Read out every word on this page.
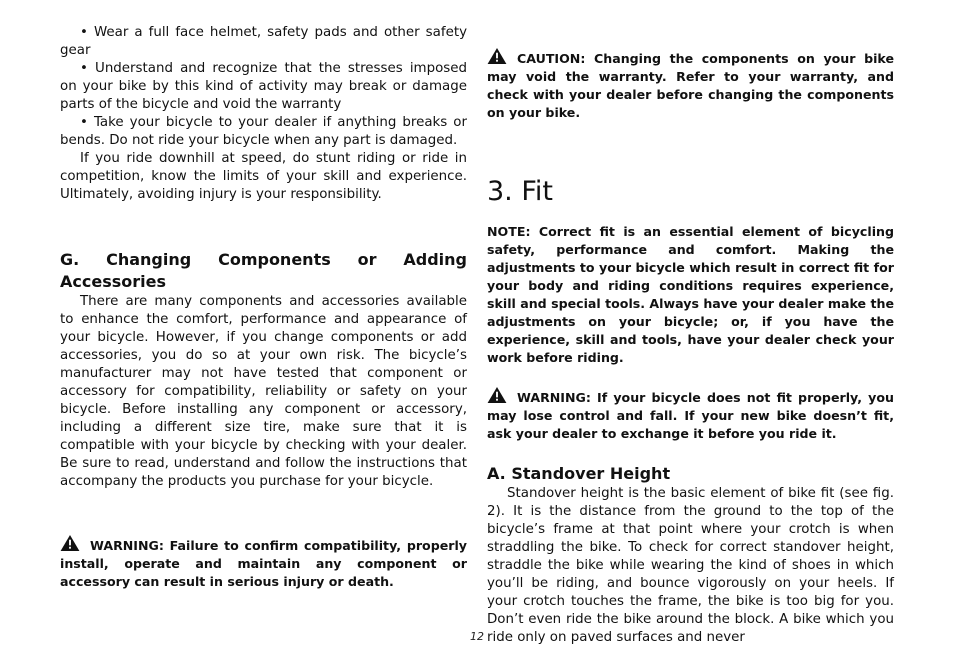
• Wear a full face helmet, safety pads and other safety gear

• Understand and recognize that the stresses imposed on your bike by this kind of activity may break or damage parts of the bicycle and void the warranty

• Take your bicycle to your dealer if anything breaks or bends. Do not ride your bicycle when any part is damaged.

If you ride downhill at speed, do stunt riding or ride in competition, know the limits of your skill and experience. Ultimately, avoiding injury is your responsibility.

G. Changing Components or Adding Accessories

There are many components and accessories available to enhance the comfort, performance and appearance of your bicycle. However, if you change components or add accessories, you do so at your own risk. The bicycle’s manufacturer may not have tested that component or accessory for compatibility, reliability or safety on your bicycle. Before installing any component or accessory, including a different size tire, make sure that it is compatible with your bicycle by checking with your dealer. Be sure to read, understand and follow the instructions that accompany the products you purchase for your bicycle.

WARNING: Failure to confirm compatibility, properly install, operate and maintain any component or accessory can result in serious injury or death.

CAUTION: Changing the components on your bike may void the warranty. Refer to your warranty, and check with your dealer before changing the components on your bike.

3. Fit

NOTE: Correct fit is an essential element of bicycling safety, performance and comfort. Making the adjustments to your bicycle which result in correct fit for your body and riding conditions requires experience, skill and special tools. Always have your dealer make the adjustments on your bicycle; or, if you have the experience, skill and tools, have your dealer check your work before riding.

WARNING: If your bicycle does not fit properly, you may lose control and fall. If your new bike doesn’t fit, ask your dealer to exchange it before you ride it.

A. Standover Height

Standover height is the basic element of bike fit (see fig. 2). It is the distance from the ground to the top of the bicycle’s frame at that point where your crotch is when straddling the bike. To check for correct standover height, straddle the bike while wearing the kind of shoes in which you’ll be riding, and bounce vigorously on your heels. If your crotch touches the frame, the bike is too big for you. Don’t even ride the bike around the block. A bike which you ride only on paved surfaces and never

12
